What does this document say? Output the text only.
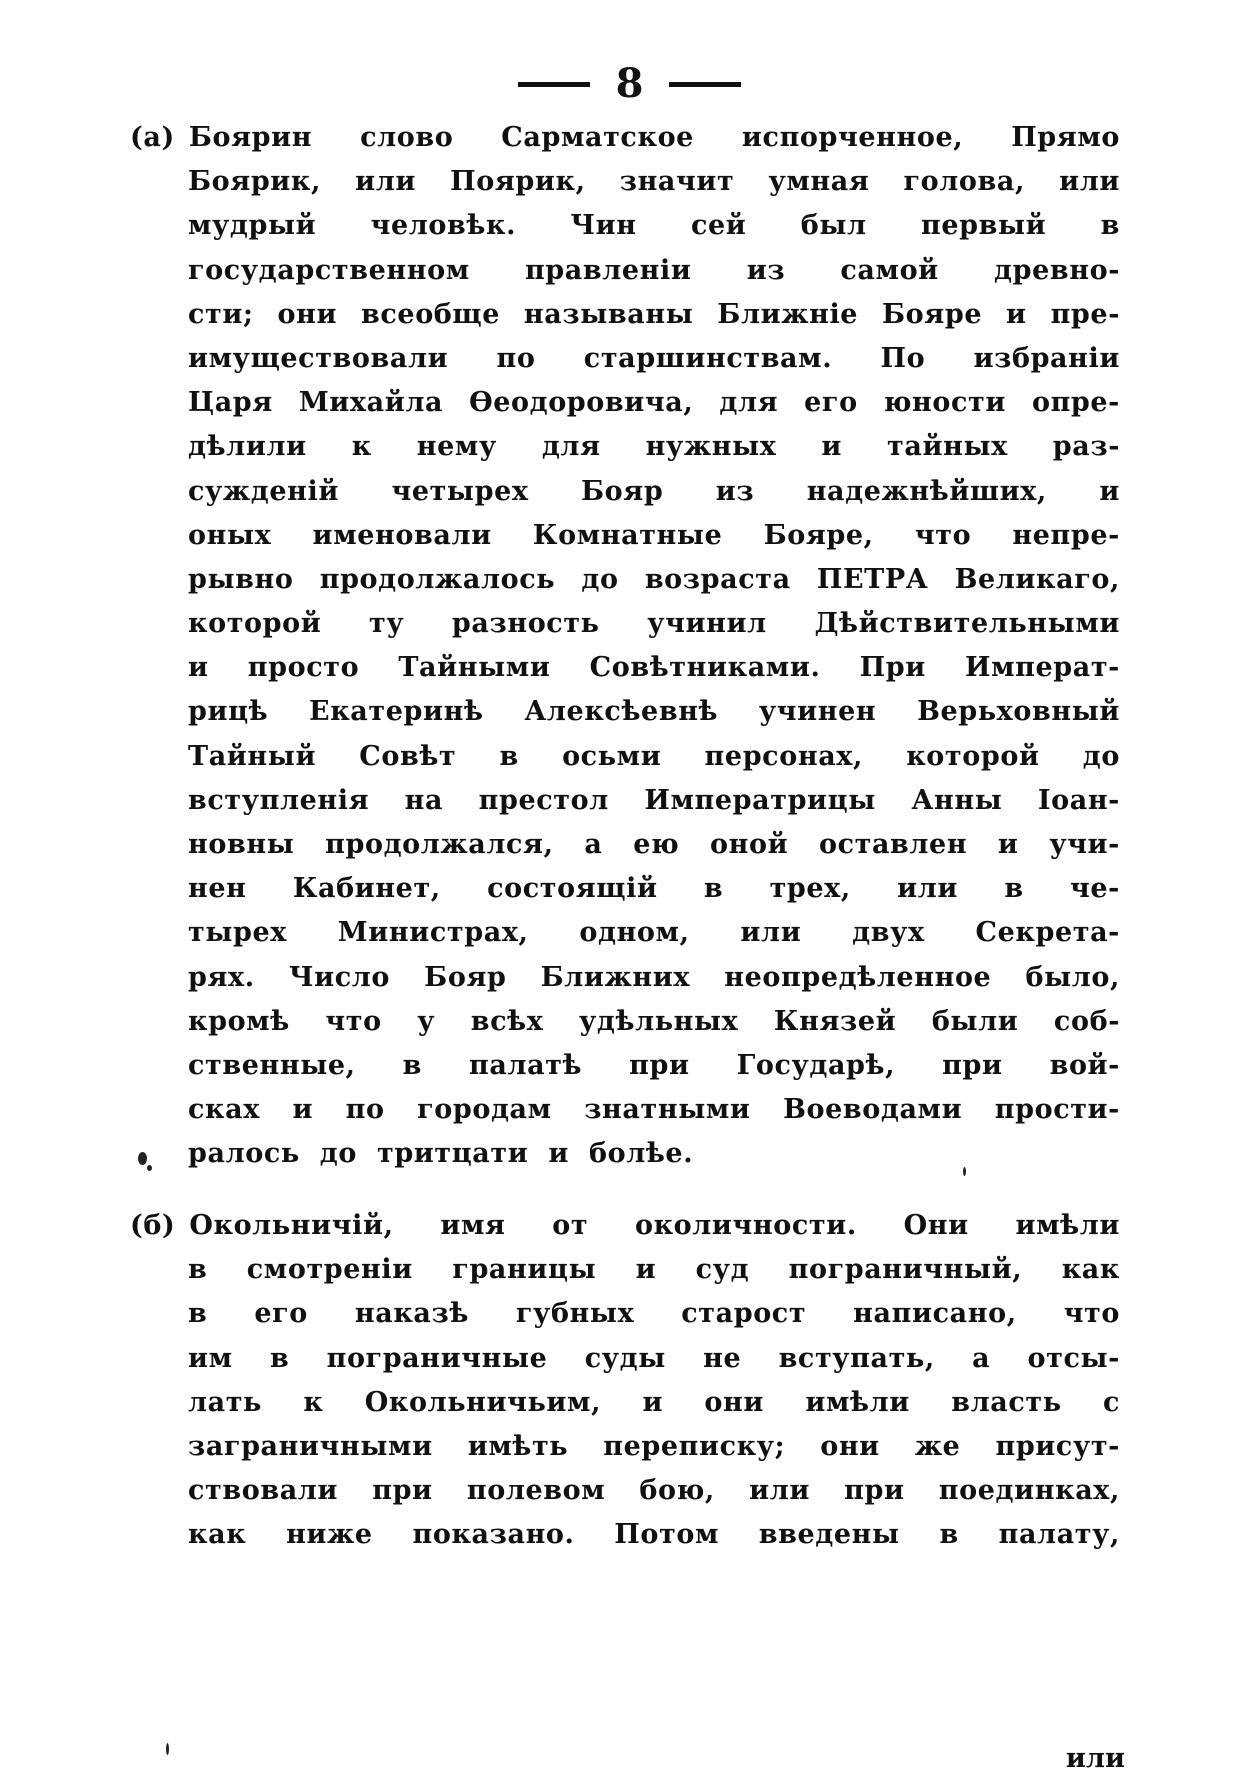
8
(а) Боярин слово Сарматское испорченное, Прямо
Боярик, или Поярик, значит умная голова, или
мудрый человѣк. Чин сей был первый в
государственном правленіи из самой древно-
сти; они всеобще называны Ближніе Бояре и пре-
имуществовали по старшинствам. По избраніи
Царя Михайла Ѳеодоровича, для его юности опре-
дѣлили к нему для нужных и тайных раз-
сужденій четырех Бояр из надежнѣйших, и
оных именовали Комнатные Бояре, что непре-
рывно продолжалось до возраста ПЕТРА Великаго,
которой ту разность учинил Дѣйствительными
и просто Тайными Совѣтниками. При Императ-
рицѣ Екатеринѣ Алексѣевнѣ учинен Верьховный
Тайный Совѣт в осьми персонах, которой до
вступленія на престол Императрицы Анны Іоан-
новны продолжался, а ею оной оставлен и учи-
нен Кабинет, состоящій в трех, или в че-
тырех Министрах, одном, или двух Секрета-
рях. Число Бояр Ближних неопредѣленное было,
кромѣ что у всѣх удѣльных Князей были соб-
ственные, в палатѣ при Государѣ, при вой-
сках и по городам знатными Воеводами прости-
ралось до тритцати и болѣе.
(б) Окольничій, имя от околичности. Они имѣли
в смотреніи границы и суд пограничный, как
в его наказѣ губных старост написано, что
им в пограничные суды не вступать, а отсы-
лать к Окольничьим, и они имѣли власть с
заграничными имѣть переписку; они же присут-
ствовали при полевом бою, или при поединках,
как ниже показано. Потом введены в палату,
или
